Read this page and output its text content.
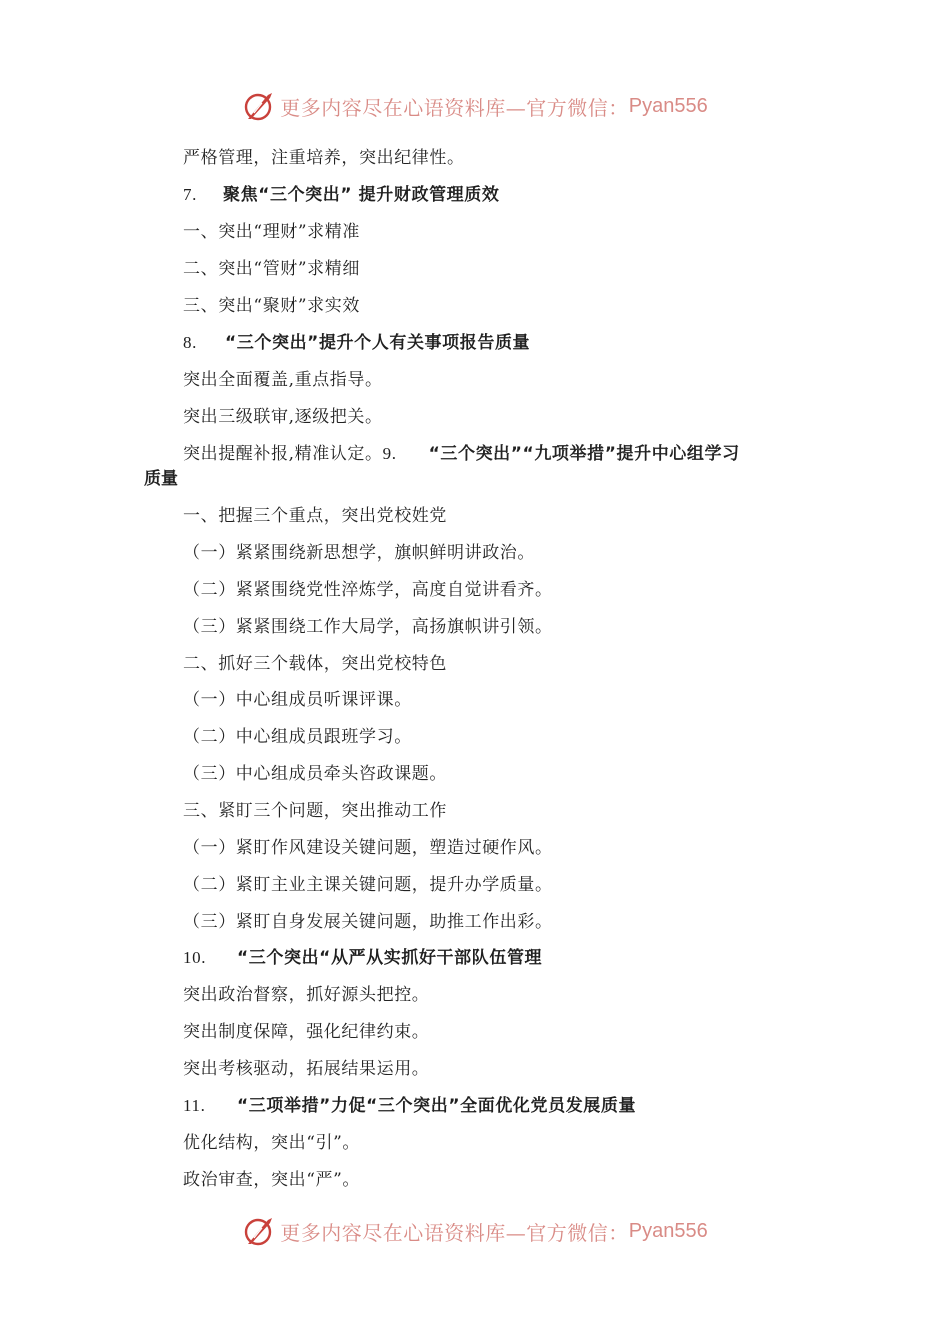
更多内容尽在心语资料库—官方微信： Pyan556
严格管理，注重培养，突出纪律性。
7. 聚焦“三个突出” 提升财政管理质效
一、突出“理财”求精准
二、突出“管财”求精细
三、突出“聚财”求实效
8. “三个突出”提升个人有关事项报告质量
突出全面覆盖,重点指导。
突出三级联审,逐级把关。
突出提醒补报,精准认定。9. “三个突出”“九项举措”提升中心组学习
质量
一、把握三个重点，突出党校姓党
（一）紧紧围绕新思想学，旗帜鲜明讲政治。
（二）紧紧围绕党性淬炼学，高度自觉讲看齐。
（三）紧紧围绕工作大局学，高扬旗帜讲引领。
二、抓好三个载体，突出党校特色
（一）中心组成员听课评课。
（二）中心组成员跟班学习。
（三）中心组成员牵头咨政课题。
三、紧盯三个问题，突出推动工作
（一）紧盯作风建设关键问题，塑造过硬作风。
（二）紧盯主业主课关键问题，提升办学质量。
（三）紧盯自身发展关键问题，助推工作出彩。
10. “三个突出“从严从实抓好干部队伍管理
突出政治督察，抓好源头把控。
突出制度保障，强化纪律约束。
突出考核驱动，拓展结果运用。
11. “三项举措”力促“三个突出”全面优化党员发展质量
优化结构，突出“引”。
政治审查，突出“严”。
更多内容尽在心语资料库—官方微信： Pyan556
